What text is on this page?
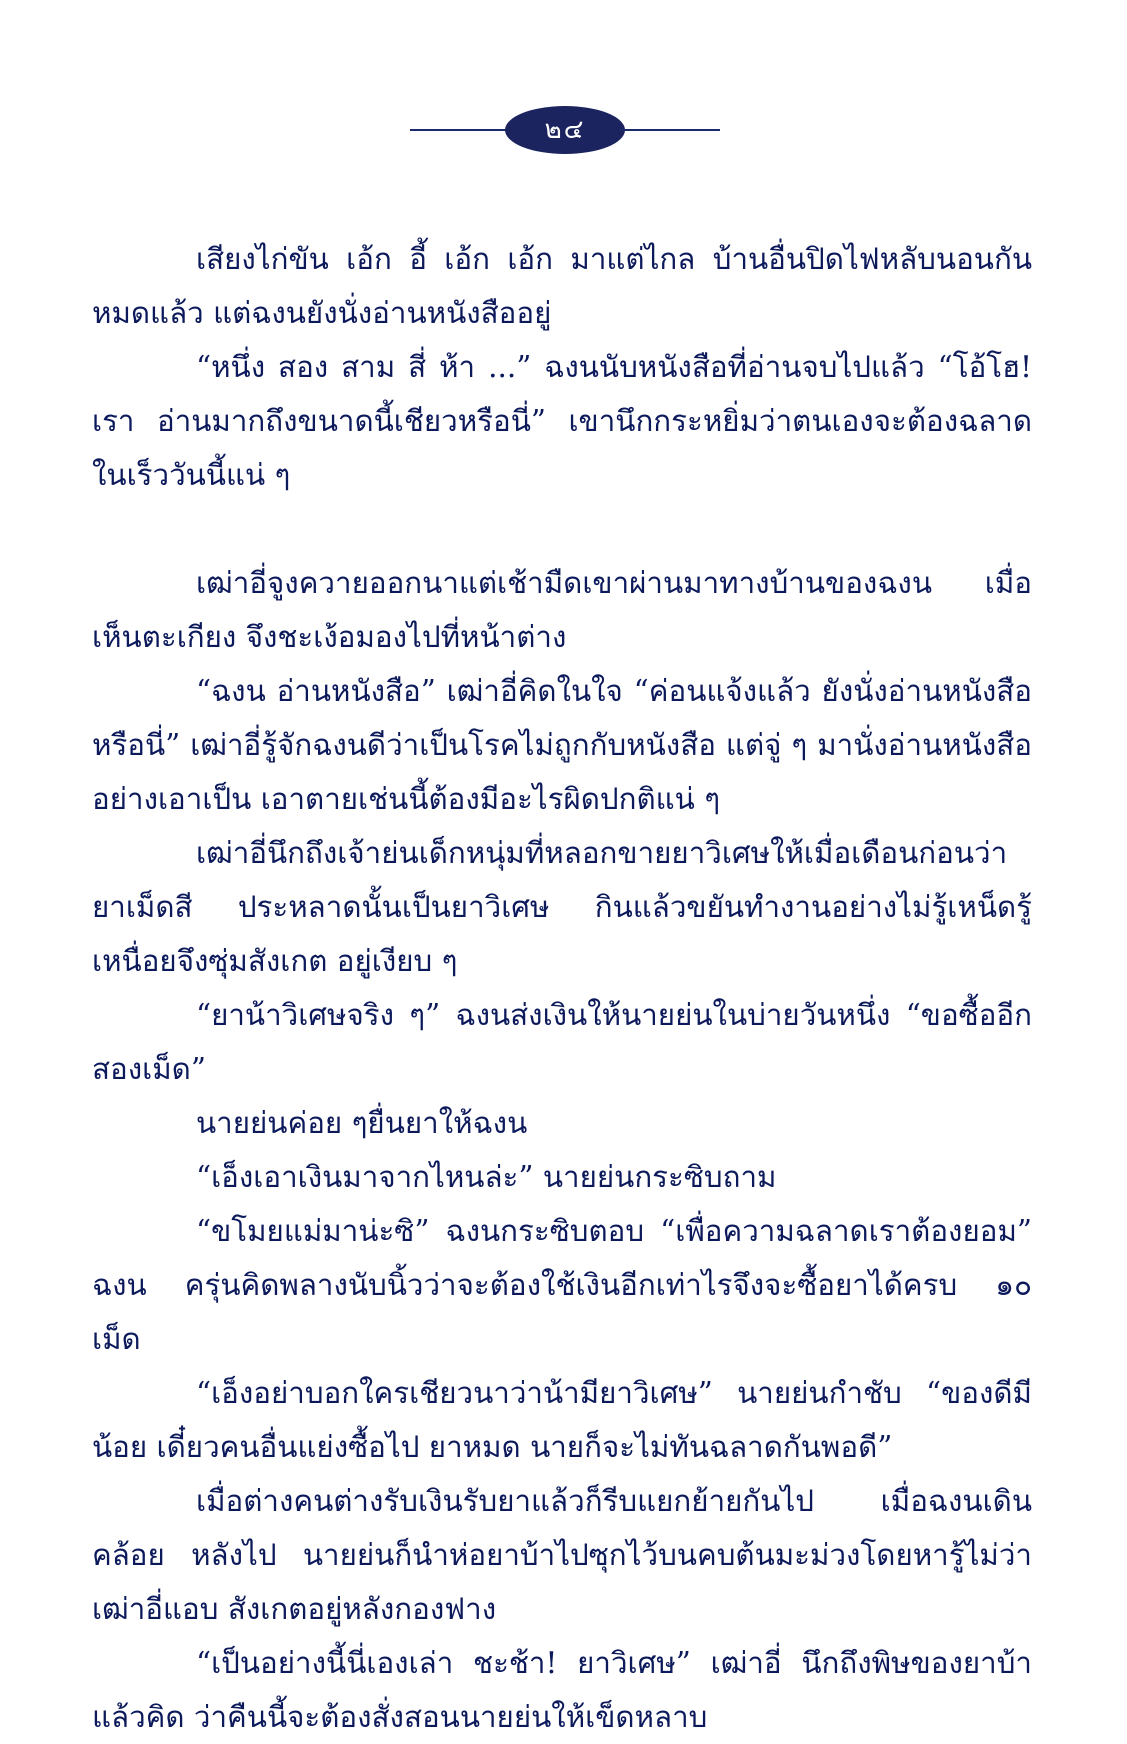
๒๔

เสียงไก่ขัน เอ้ก อี้ เอ้ก เอ้ก มาแต่ไกล บ้านอื่นปิดไฟหลับนอนกัน หมดแล้ว แต่ฉงนยังนั่งอ่านหนังสืออยู่

“หนึ่ง สอง สาม สี่ ห้า ...” ฉงนนับหนังสือที่อ่านจบไปแล้ว “โอ้โฮ! เรา อ่านมากถึงขนาดนี้เชียวหรือนี่” เขานึกกระหยิ่มว่าตนเองจะต้องฉลาดในเร็ววันนี้แน่ ๆ

เฒ่าอี่จูงควายออกนาแต่เช้ามืดเขาผ่านมาทางบ้านของฉงน เมื่อเห็นตะเกียง จึงชะเง้อมองไปที่หน้าต่าง

“ฉงน อ่านหนังสือ” เฒ่าอี่คิดในใจ “ค่อนแจ้งแล้ว ยังนั่งอ่านหนังสือหรือนี่” เฒ่าอี่รู้จักฉงนดีว่าเป็นโรคไม่ถูกกับหนังสือ แต่จู่ ๆ มานั่งอ่านหนังสืออย่างเอาเป็น เอาตายเช่นนี้ต้องมีอะไรผิดปกติแน่ ๆ

เฒ่าอี่นึกถึงเจ้าย่นเด็กหนุ่มที่หลอกขายยาวิเศษให้เมื่อเดือนก่อนว่ายาเม็ดสี ประหลาดนั้นเป็นยาวิเศษ กินแล้วขยันทำงานอย่างไม่รู้เหน็ดรู้เหนื่อยจึงซุ่มสังเกต อยู่เงียบ ๆ

“ยาน้าวิเศษจริง ๆ” ฉงนส่งเงินให้นายย่นในบ่ายวันหนึ่ง “ขอซื้ออีกสองเม็ด”

นายย่นค่อย ๆยื่นยาให้ฉงน

“เอ็งเอาเงินมาจากไหนล่ะ” นายย่นกระซิบถาม

“ขโมยแม่มาน่ะซิ” ฉงนกระซิบตอบ “เพื่อความฉลาดเราต้องยอม” ฉงน ครุ่นคิดพลางนับนิ้วว่าจะต้องใช้เงินอีกเท่าไรจึงจะซื้อยาได้ครบ ๑๐ เม็ด

“เอ็งอย่าบอกใครเชียวนาว่าน้ามียาวิเศษ” นายย่นกำชับ “ของดีมีน้อย เดี๋ยวคนอื่นแย่งซื้อไป ยาหมด นายก็จะไม่ทันฉลาดกันพอดี”

เมื่อต่างคนต่างรับเงินรับยาแล้วก็รีบแยกย้ายกันไป เมื่อฉงนเดินคล้อย หลังไป นายย่นก็นำห่อยาบ้าไปซุกไว้บนคบต้นมะม่วงโดยหารู้ไม่ว่า เฒ่าอี่แอบ สังเกตอยู่หลังกองฟาง

“เป็นอย่างนี้นี่เองเล่า ชะช้า! ยาวิเศษ” เฒ่าอี่ นึกถึงพิษของยาบ้าแล้วคิด ว่าคืนนี้จะต้องสั่งสอนนายย่นให้เข็ดหลาบ
